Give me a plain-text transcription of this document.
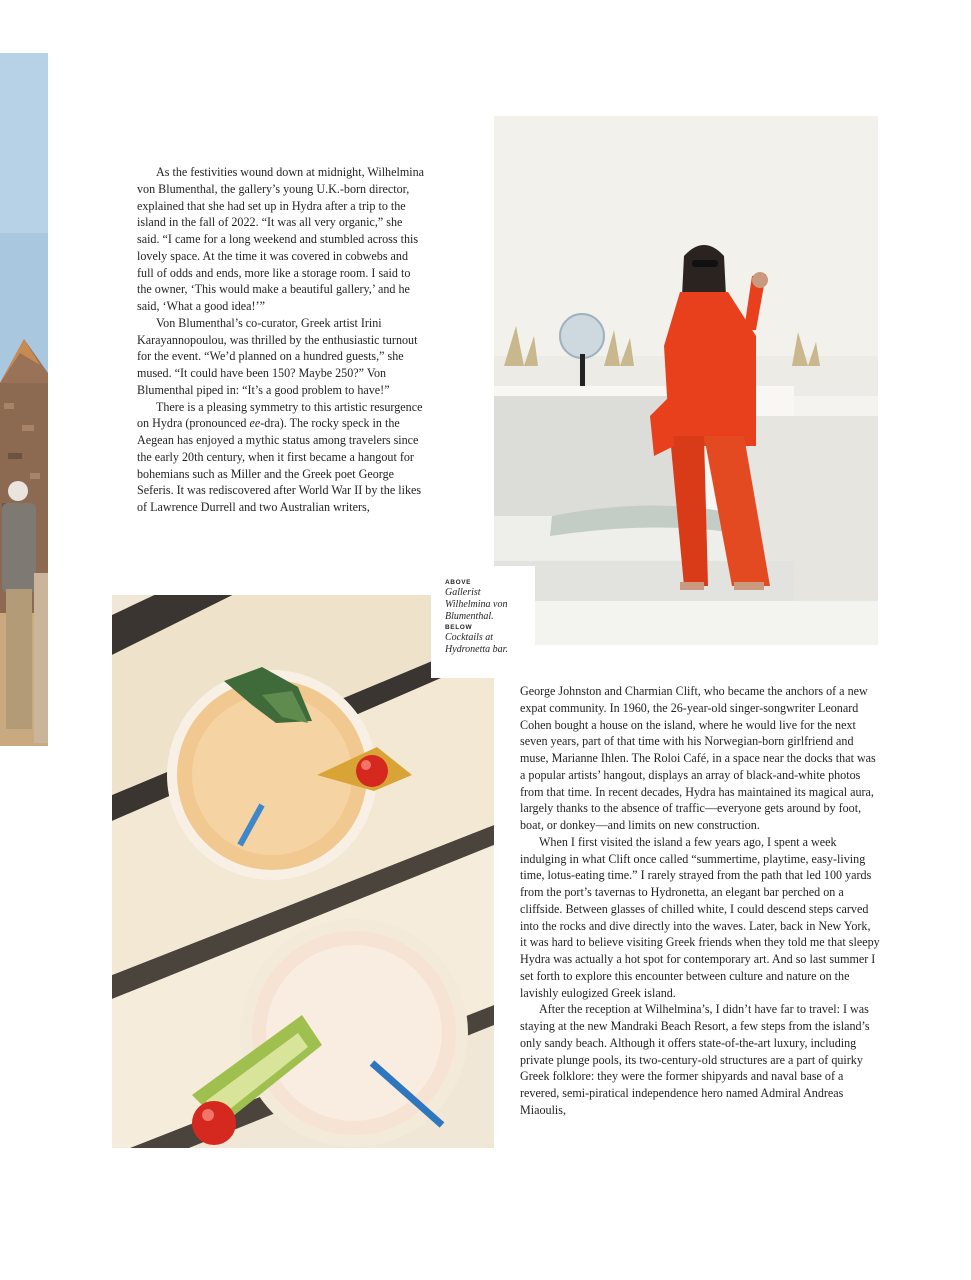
As the festivities wound down at midnight, Wilhelmina von Blumenthal, the gallery’s young U.K.-born director, explained that she had set up in Hydra after a trip to the island in the fall of 2022. “It was all very organic,” she said. “I came for a long weekend and stumbled across this lovely space. At the time it was covered in cobwebs and full of odds and ends, more like a storage room. I said to the owner, ‘This would make a beautiful gallery,’ and he said, ‘What a good idea!’”

Von Blumenthal’s co-curator, Greek artist Irini Karayannopoulou, was thrilled by the enthusiastic turnout for the event. “We’d planned on a hundred guests,” she mused. “It could have been 150? Maybe 250?” Von Blumenthal piped in: “It’s a good problem to have!”

There is a pleasing symmetry to this artistic resurgence on Hydra (pronounced ee-dra). The rocky speck in the Aegean has enjoyed a mythic status among travelers since the early 20th century, when it first became a hangout for bohemians such as Miller and the Greek poet George Seferis. It was rediscovered after World War II by the likes of Lawrence Durrell and two Australian writers,

ABOVE
Gallerist
Wilhelmina von
Blumenthal.
BELOW
Cocktails at
Hydronetta bar.

George Johnston and Charmian Clift, who became the anchors of a new expat community. In 1960, the 26-year-old singer-songwriter Leonard Cohen bought a house on the island, where he would live for the next seven years, part of that time with his Norwegian-born girlfriend and muse, Marianne Ihlen. The Roloi Café, in a space near the docks that was a popular artists’ hangout, displays an array of black-and-white photos from that time. In recent decades, Hydra has maintained its magical aura, largely thanks to the absence of traffic—everyone gets around by foot, boat, or donkey—and limits on new construction.

When I first visited the island a few years ago, I spent a week indulging in what Clift once called “summertime, playtime, easy-living time, lotus-eating time.” I rarely strayed from the path that led 100 yards from the port’s tavernas to Hydronetta, an elegant bar perched on a cliffside. Between glasses of chilled white, I could descend steps carved into the rocks and dive directly into the waves. Later, back in New York, it was hard to believe visiting Greek friends when they told me that sleepy Hydra was actually a hot spot for contemporary art. And so last summer I set forth to explore this encounter between culture and nature on the lavishly eulogized Greek island.

After the reception at Wilhelmina’s, I didn’t have far to travel: I was staying at the new Mandraki Beach Resort, a few steps from the island’s only sandy beach. Although it offers state-of-the-art luxury, including private plunge pools, its two-century-old structures are a part of quirky Greek folklore: they were the former shipyards and naval base of a revered, semi-piratical independence hero named Admiral Andreas Miaoulis,
